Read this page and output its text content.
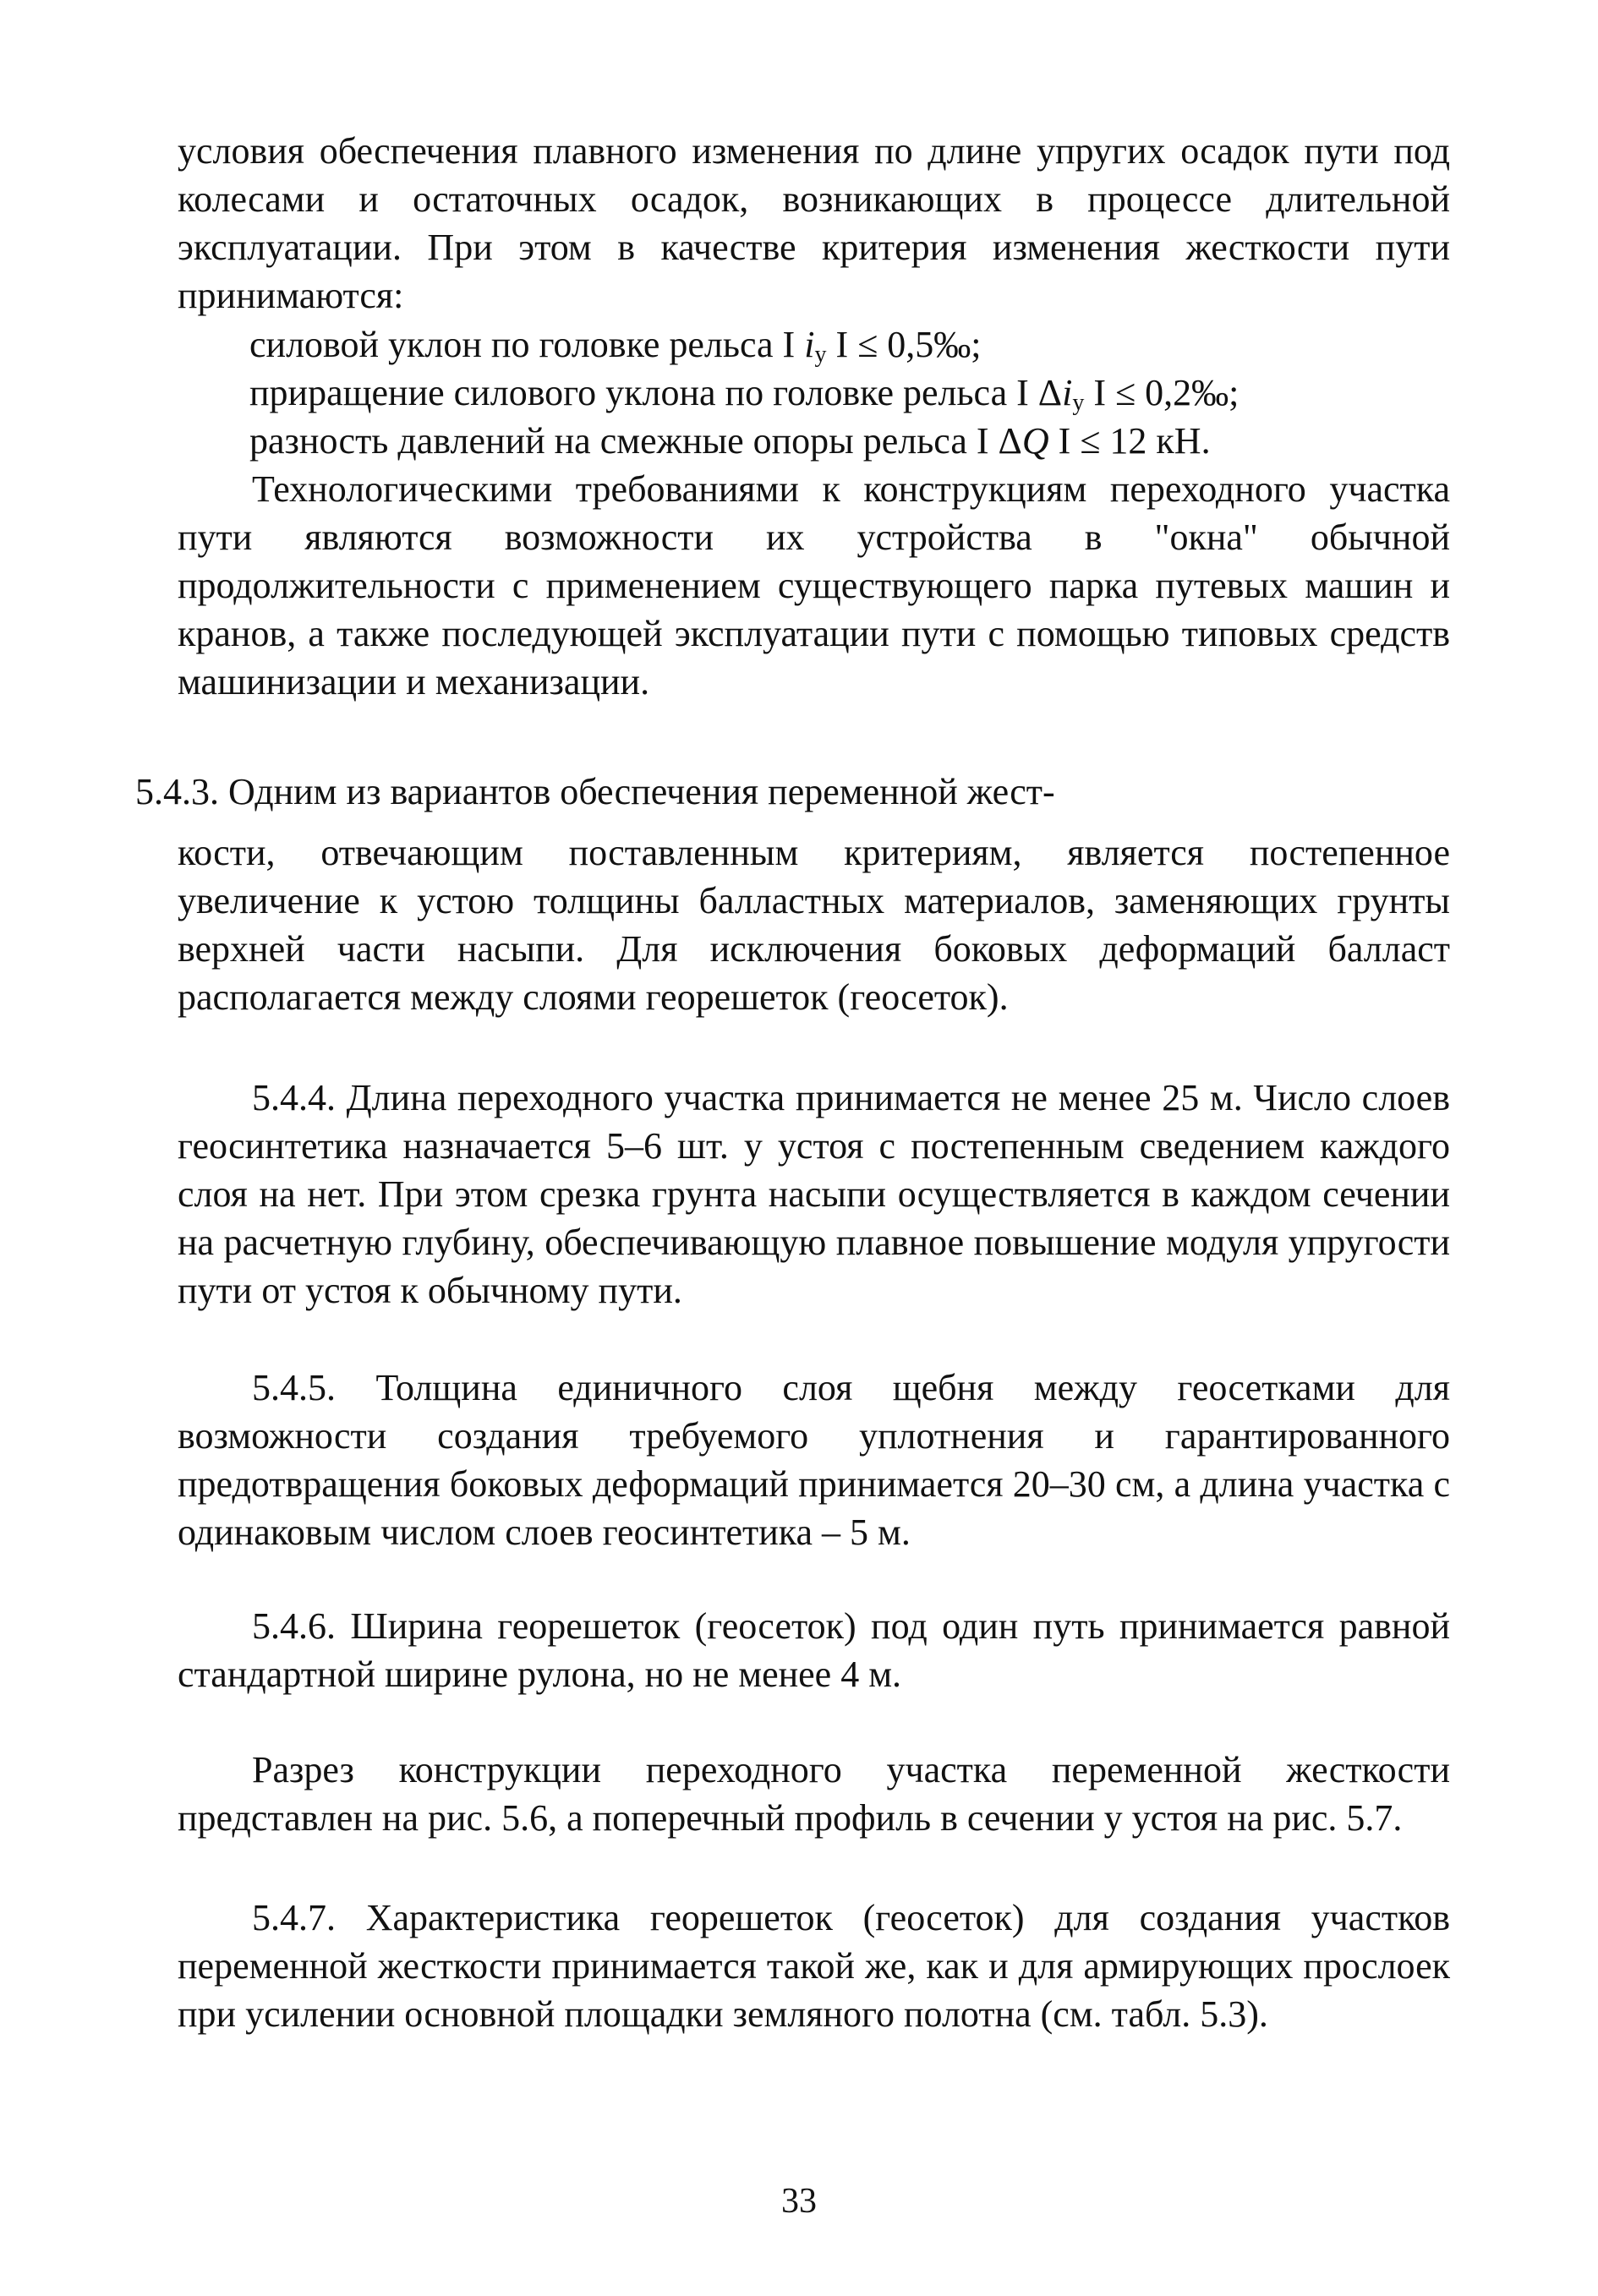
условия обеспечения плавного изменения по длине упругих осадок пути под колесами и остаточных осадок, возникающих в процессе длительной эксплуатации. При этом в качестве критерия изменения жесткости пути принимаются:

силовой уклон по головке рельса I $i_y$ I ≤ 0,5‰;

приращение силового уклона по головке рельса I $\Delta i_y$ I ≤ 0,2‰;

разность давлений на смежные опоры рельса I ΔQ I ≤ 12 кН.

Технологическими требованиями к конструкциям переходного участка пути являются возможности их устройства в "окна" обычной продолжительности с применением существующего парка путевых машин и кранов, а также последующей эксплуатации пути с помощью типовых средств машинизации и механизации.

5.4.3. Одним из вариантов обеспечения переменной жест-

кости, отвечающим поставленным критериям, является постепенное увеличение к устою толщины балластных материалов, заменяющих грунты верхней части насыпи. Для исключения боковых деформаций балласт располагается между слоями георешеток (геосеток).

5.4.4. Длина переходного участка принимается не менее 25 м. Число слоев геосинтетика назначается 5–6 шт. у устоя с постепенным сведением каждого слоя на нет. При этом срезка грунта насыпи осуществляется в каждом сечении на расчетную глубину, обеспечивающую плавное повышение модуля упругости пути от устоя к обычному пути.

5.4.5. Толщина единичного слоя щебня между геосетками для возможности создания требуемого уплотнения и гарантированного предотвращения боковых деформаций принимается 20–30 см, а длина участка с одинаковым числом слоев геосинтетика – 5 м.

5.4.6. Ширина георешеток (геосеток) под один путь принимается равной стандартной ширине рулона, но не менее 4 м.

Разрез конструкции переходного участка переменной жесткости представлен на рис. 5.6, а поперечный профиль в сечении у устоя на рис. 5.7.

5.4.7. Характеристика георешеток (геосеток) для создания участков переменной жесткости принимается такой же, как и для армирующих прослоек при усилении основной площадки земляного полотна (см. табл. 5.3).

33
